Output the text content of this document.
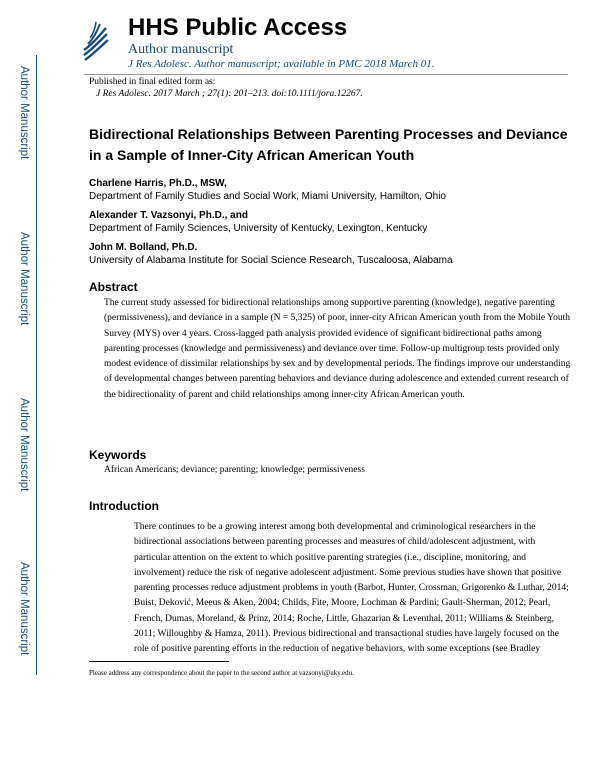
Author Manuscript
Author Manuscript
Author Manuscript
Author Manuscript
HHS Public Access
Author manuscript
J Res Adolesc. Author manuscript; available in PMC 2018 March 01.
Published in final edited form as:
J Res Adolesc. 2017 March ; 27(1): 201–213. doi:10.1111/jora.12267.
Bidirectional Relationships Between Parenting Processes and Deviance in a Sample of Inner-City African American Youth
Charlene Harris, Ph.D., MSW,
Department of Family Studies and Social Work, Miami University, Hamilton, Ohio
Alexander T. Vazsonyi, Ph.D., and
Department of Family Sciences, University of Kentucky, Lexington, Kentucky
John M. Bolland, Ph.D.
University of Alabama Institute for Social Science Research, Tuscaloosa, Alabama
Abstract

The current study assessed for bidirectional relationships among supportive parenting (knowledge), negative parenting (permissiveness), and deviance in a sample (N = 5,325) of poor, inner-city African American youth from the Mobile Youth Survey (MYS) over 4 years. Cross-lagged path analysis provided evidence of significant bidirectional paths among parenting processes (knowledge and permissiveness) and deviance over time. Follow-up multigroup tests provided only modest evidence of dissimilar relationships by sex and by developmental periods. The findings improve our understanding of developmental changes between parenting behaviors and deviance during adolescence and extended current research of the bidirectionality of parent and child relationships among inner-city African American youth.

Keywords
African Americans; deviance; parenting; knowledge; permissiveness
Introduction

There continues to be a growing interest among both developmental and criminological researchers in the bidirectional associations between parenting processes and measures of child/adolescent adjustment, with particular attention on the extent to which positive parenting strategies (i.e., discipline, monitoring, and involvement) reduce the risk of negative adolescent adjustment. Some previous studies have shown that positive parenting processes reduce adjustment problems in youth (Barbot, Hunter, Crossman, Grigorenko & Luthar, 2014; Buist, Deković, Meeus & Aken, 2004; Childs, Fite, Moore, Lochman & Pardini; Gault-Sherman, 2012; Pearl, French, Dumas, Moreland, & Prinz, 2014; Roche, Little, Ghazarian & Leventhal, 2011; Williams & Steinberg, 2011; Willoughby & Hamza, 2011). Previous bidirectional and transactional studies have largely focused on the role of positive parenting efforts in the reduction of negative behaviors, with some exceptions (see Bradley

Please address any correspondence about the paper to the second author at vazsonyi@uky.edu.
